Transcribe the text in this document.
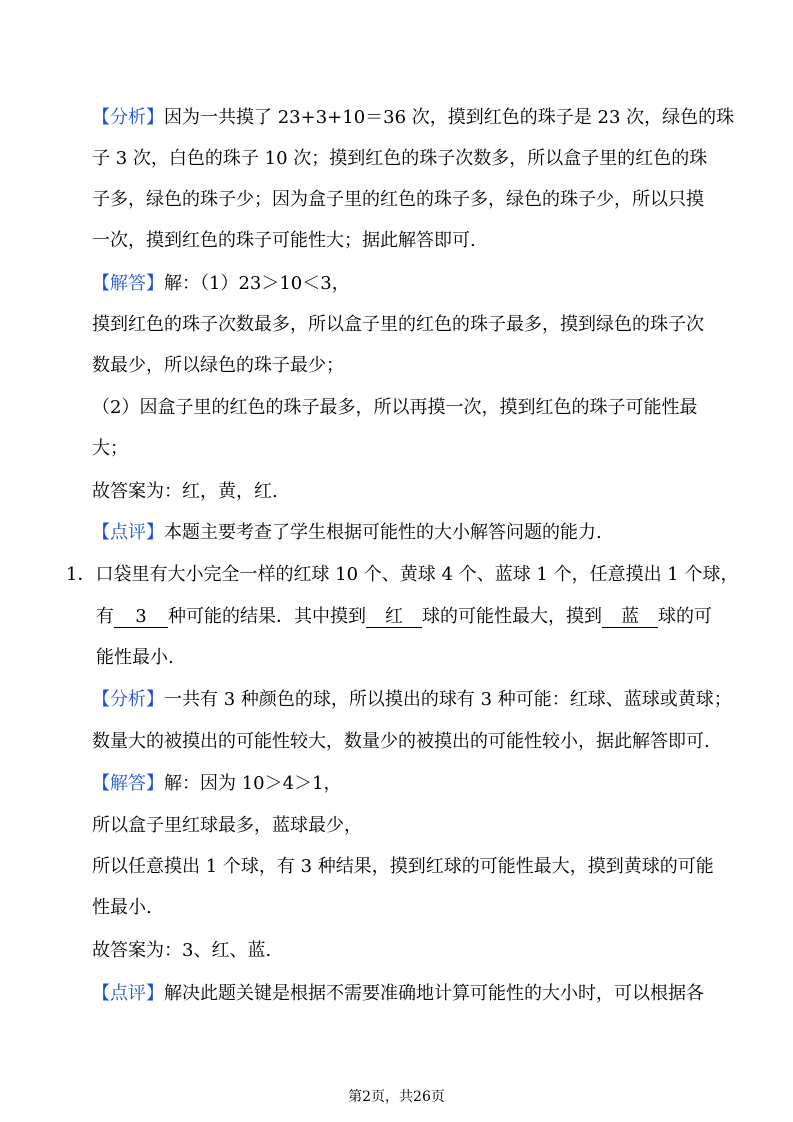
【分析】因为一共摸了 23+3+10＝36 次，摸到红色的珠子是 23 次，绿色的珠
子 3 次，白色的珠子 10 次；摸到红色的珠子次数多，所以盒子里的红色的珠
子多，绿色的珠子少；因为盒子里的红色的珠子多，绿色的珠子少，所以只摸
一次，摸到红色的珠子可能性大；据此解答即可.
【解答】解：（1）23＞10＜3，
摸到红色的珠子次数最多，所以盒子里的红色的珠子最多，摸到绿色的珠子次
数最少，所以绿色的珠子最少；
（2）因盒子里的红色的珠子最多，所以再摸一次，摸到红色的珠子可能性最
大；
故答案为：红，黄，红.
【点评】本题主要考查了学生根据可能性的大小解答问题的能力.
1．口袋里有大小完全一样的红球 10 个、黄球 4 个、蓝球 1 个，任意摸出 1 个球，
有 3 种可能的结果．其中摸到 红 球的可能性最大，摸到 蓝 球的可
能性最小.
【分析】一共有 3 种颜色的球，所以摸出的球有 3 种可能：红球、蓝球或黄球；
数量大的被摸出的可能性较大，数量少的被摸出的可能性较小，据此解答即可.
【解答】解：因为 10＞4＞1，
所以盒子里红球最多，蓝球最少，
所以任意摸出 1 个球，有 3 种结果，摸到红球的可能性最大，摸到黄球的可能
性最小.
故答案为：3、红、蓝.
【点评】解决此题关键是根据不需要准确地计算可能性的大小时，可以根据各
第2页，共26页
